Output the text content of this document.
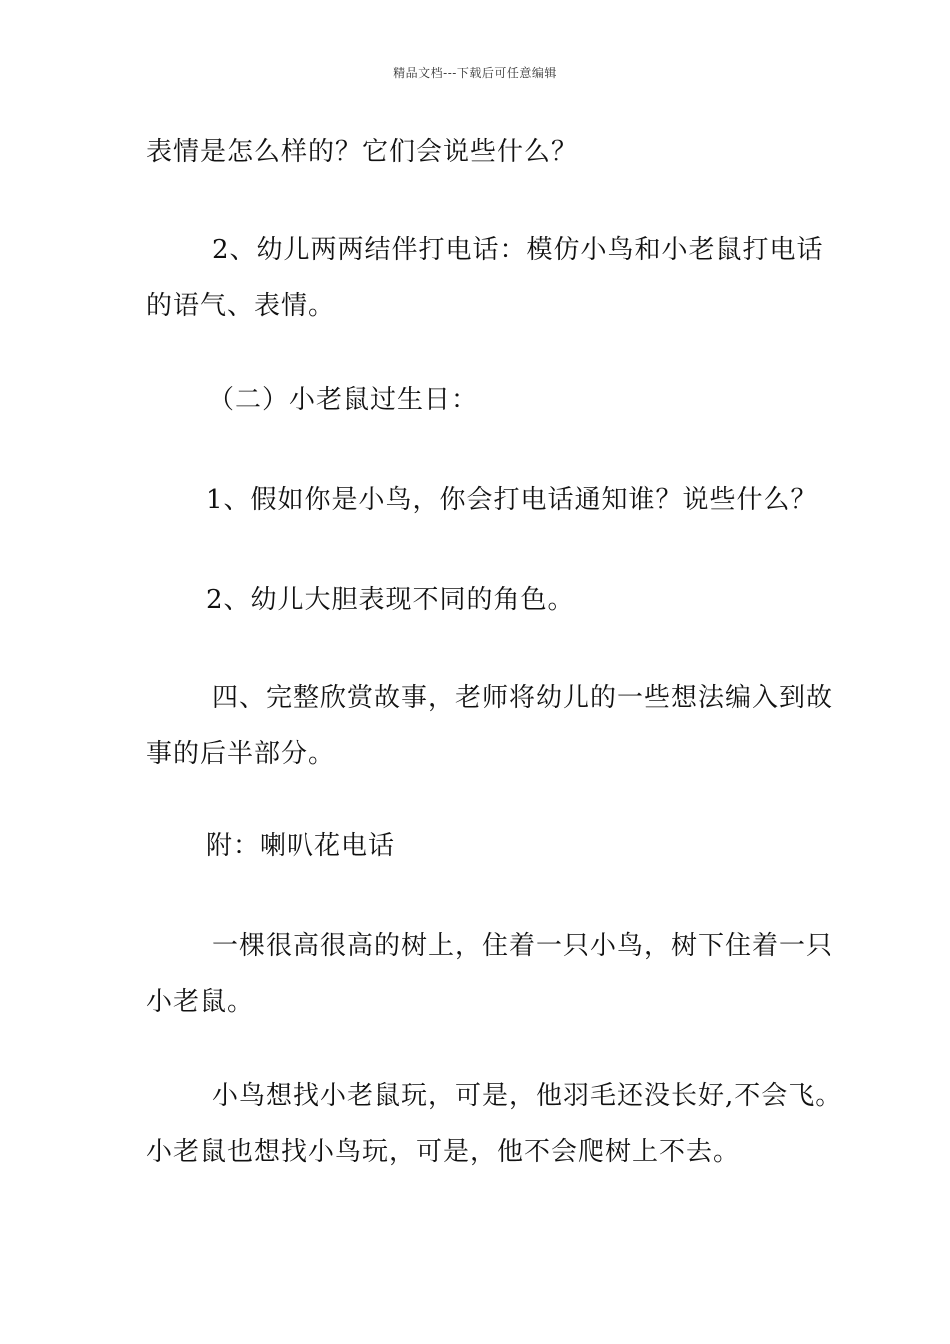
精品文档---下载后可任意编辑
表情是怎么样的？它们会说些什么？
2、幼儿两两结伴打电话：模仿小鸟和小老鼠打电话
的语气、表情。
（二）小老鼠过生日：
1、假如你是小鸟，你会打电话通知谁？说些什么？
2、幼儿大胆表现不同的角色。
四、完整欣赏故事，老师将幼儿的一些想法编入到故
事的后半部分。
附：喇叭花电话
一棵很高很高的树上，住着一只小鸟，树下住着一只
小老鼠。
小鸟想找小老鼠玩，可是，他羽毛还没长好,不会飞。
小老鼠也想找小鸟玩，可是，他不会爬树上不去。
